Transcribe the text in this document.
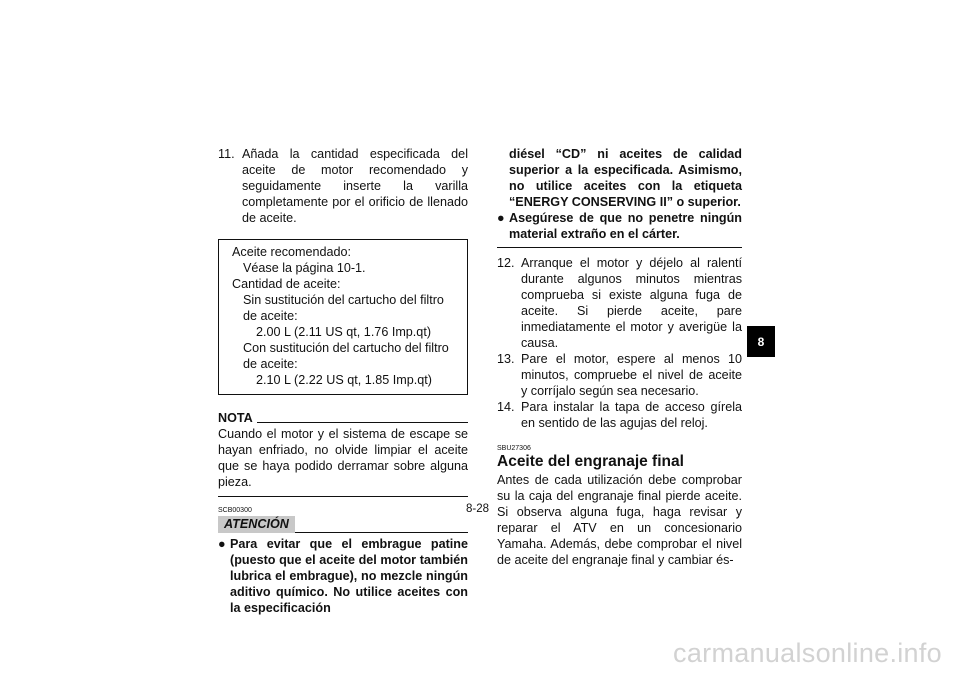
11. Añada la cantidad especificada del aceite de motor recomendado y seguidamente inserte la varilla completamente por el orificio de llenado de aceite.

Aceite recomendado:

Véase la página 10-1.

Cantidad de aceite:

Sin sustitución del cartucho del filtro de aceite:

2.00 L (2.11 US qt, 1.76 Imp.qt)

Con sustitución del cartucho del filtro de aceite:

2.10 L (2.22 US qt, 1.85 Imp.qt)

NOTA
Cuando el motor y el sistema de escape se hayan enfriado, no olvide limpiar el aceite que se haya podido derramar sobre alguna pieza.
SCB00300
ATENCIÓN
● Para evitar que el embrague patine (puesto que el aceite del motor también lubrica el embrague), no mezcle ningún aditivo químico. No utilice aceites con la especificación
diésel “CD” ni aceites de calidad superior a la especificada. Asimismo, no utilice aceites con la etiqueta “ENERGY CONSERVING II” o superior.
● Asegúrese de que no penetre ningún material extraño en el cárter.
12. Arranque el motor y déjelo al ralentí durante algunos minutos mientras comprueba si existe alguna fuga de aceite. Si pierde aceite, pare inmediatamente el motor y averigüe la causa.
13. Pare el motor, espere al menos 10 minutos, compruebe el nivel de aceite y corríjalo según sea necesario.
14. Para instalar la tapa de acceso gírela en sentido de las agujas del reloj.
SBU27306
Aceite del engranaje final
Antes de cada utilización debe comprobar su la caja del engranaje final pierde aceite. Si observa alguna fuga, haga revisar y reparar el ATV en un concesionario Yamaha. Además, debe comprobar el nivel de aceite del engranaje final y cambiar és-
8-28
8
carmanualsonline.info
